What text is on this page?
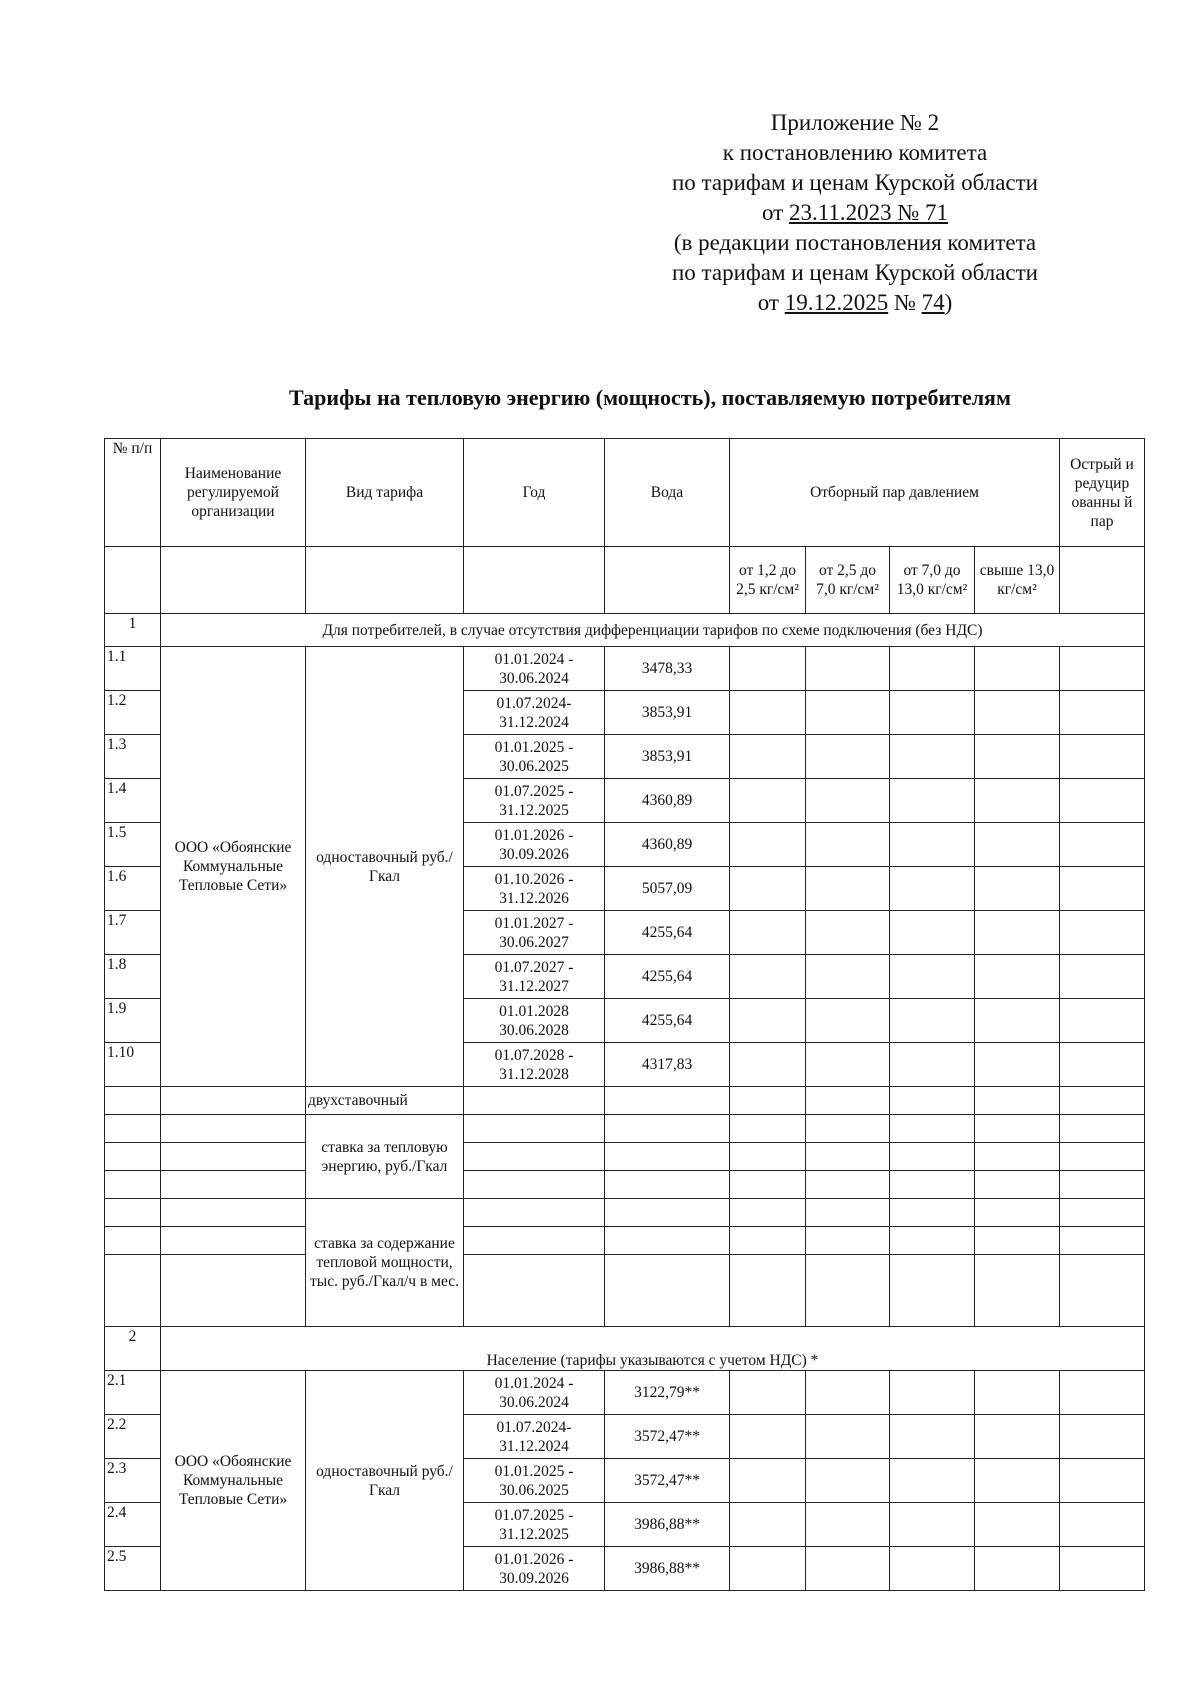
Приложение № 2
к постановлению комитета
по тарифам и ценам Курской области
от 23.11.2023 № 71
(в редакции постановления комитета
по тарифам и ценам Курской области
от 19.12.2025 № 74)
Тарифы на тепловую энергию (мощность), поставляемую потребителям
№ п/п	Наименование регулируемой организации	Вид тарифа	Год	Вода	Отборный пар давлением				Острый и редуцир ованны й пар
					от 1,2 до 2,5 кг/см²	от 2,5 до 7,0 кг/см²	от 7,0 до 13,0 кг/см²	свыше 13,0 кг/см²	
1	Для потребителей, в случае отсутствия дифференциации тарифов по схеме подключения (без НДС)								
1.1	ООО «Обоянские Коммунальные Тепловые Сети»	одноставочный руб./Гкал	01.01.2024 - 30.06.2024	3478,33					
1.2			01.07.2024- 31.12.2024	3853,91					
1.3			01.01.2025 - 30.06.2025	3853,91					
1.4			01.07.2025 - 31.12.2025	4360,89					
1.5			01.01.2026 - 30.09.2026	4360,89					
1.6			01.10.2026 - 31.12.2026	5057,09					
1.7			01.01.2027 - 30.06.2027	4255,64					
1.8			01.07.2027 - 31.12.2027	4255,64					
1.9			01.01.2028 30.06.2028	4255,64					
1.10			01.07.2028 - 31.12.2028	4317,83					
		двухставочный							
		ставка за тепловую энергию, руб./Гкал							

		ставка за содержание тепловой мощности, тыс. руб./Гкал/ч в мес.							

2	Население (тарифы указываются с учетом НДС) *								
2.1	ООО «Обоянские Коммунальные Тепловые Сети»	одноставочный руб./Гкал	01.01.2024 - 30.06.2024	3122,79**					
2.2			01.07.2024- 31.12.2024	3572,47**					
2.3			01.01.2025 - 30.06.2025	3572,47**					
2.4			01.07.2025 - 31.12.2025	3986,88**					
2.5			01.01.2026 - 30.09.2026	3986,88**					
